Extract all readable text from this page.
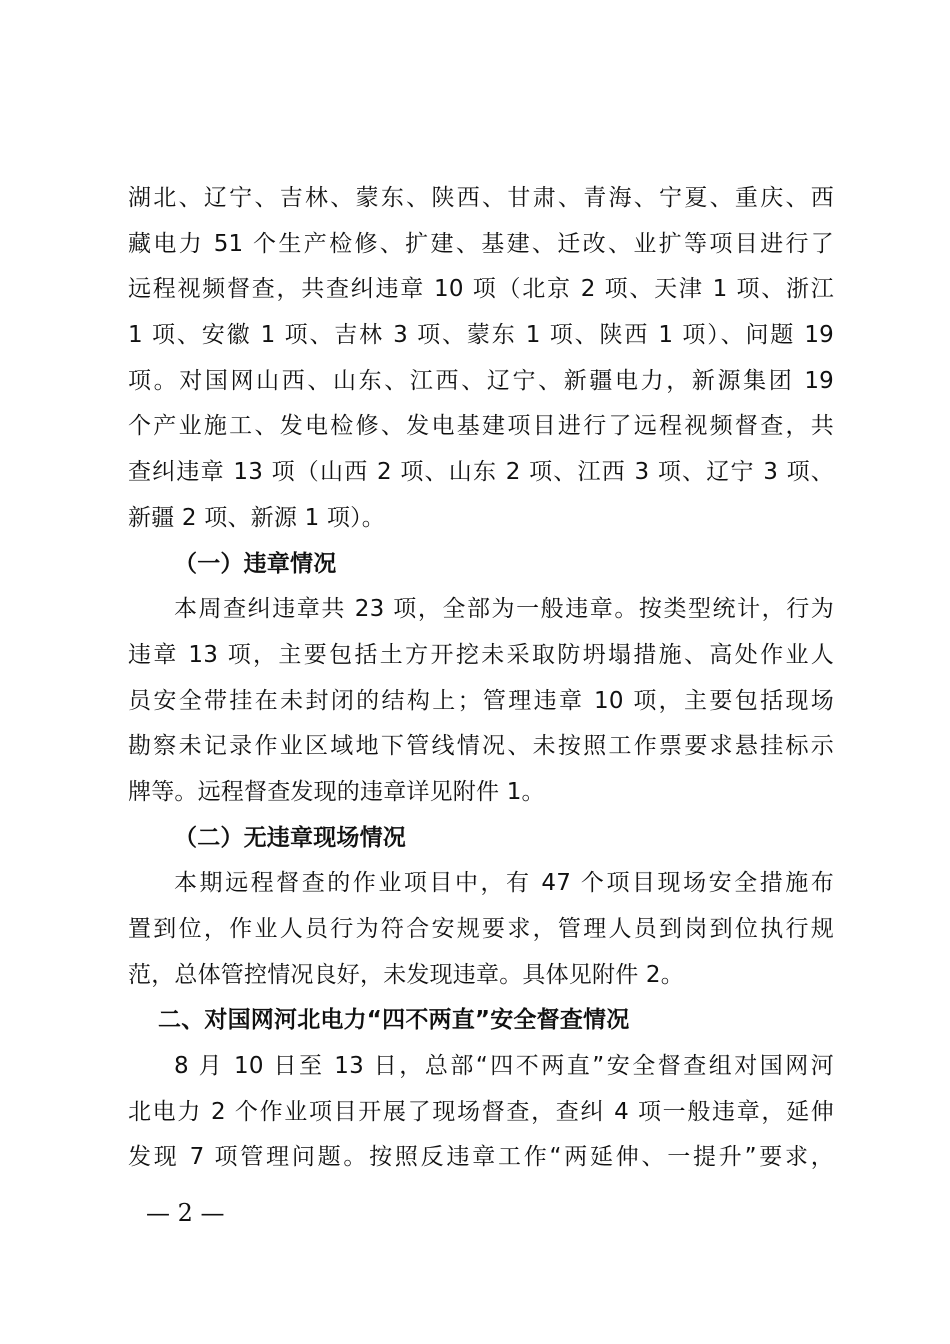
湖北、辽宁、吉林、蒙东、陕西、甘肃、青海、宁夏、重庆、西
藏电力 51 个生产检修、扩建、基建、迁改、业扩等项目进行了
远程视频督查，共查纠违章 10 项（北京 2 项、天津 1 项、浙江
1 项、安徽 1 项、吉林 3 项、蒙东 1 项、陕西 1 项）、问题 19
项。对国网山西、山东、江西、辽宁、新疆电力，新源集团 19
个产业施工、发电检修、发电基建项目进行了远程视频督查，共
查纠违章 13 项（山西 2 项、山东 2 项、江西 3 项、辽宁 3 项、
新疆 2 项、新源 1 项）。
（一）违章情况
本周查纠违章共 23 项，全部为一般违章。按类型统计，行为
违章 13 项，主要包括土方开挖未采取防坍塌措施、高处作业人
员安全带挂在未封闭的结构上；管理违章 10 项，主要包括现场
勘察未记录作业区域地下管线情况、未按照工作票要求悬挂标示
牌等。远程督查发现的违章详见附件 1。
（二）无违章现场情况
本期远程督查的作业项目中，有 47 个项目现场安全措施布
置到位，作业人员行为符合安规要求，管理人员到岗到位执行规
范，总体管控情况良好，未发现违章。具体见附件 2。
二、对国网河北电力“四不两直”安全督查情况
8 月 10 日至 13 日，总部“四不两直”安全督查组对国网河
北电力 2 个作业项目开展了现场督查，查纠 4 项一般违章，延伸
发现 7 项管理问题。按照反违章工作“两延伸、一提升”要求，
— 2 —
